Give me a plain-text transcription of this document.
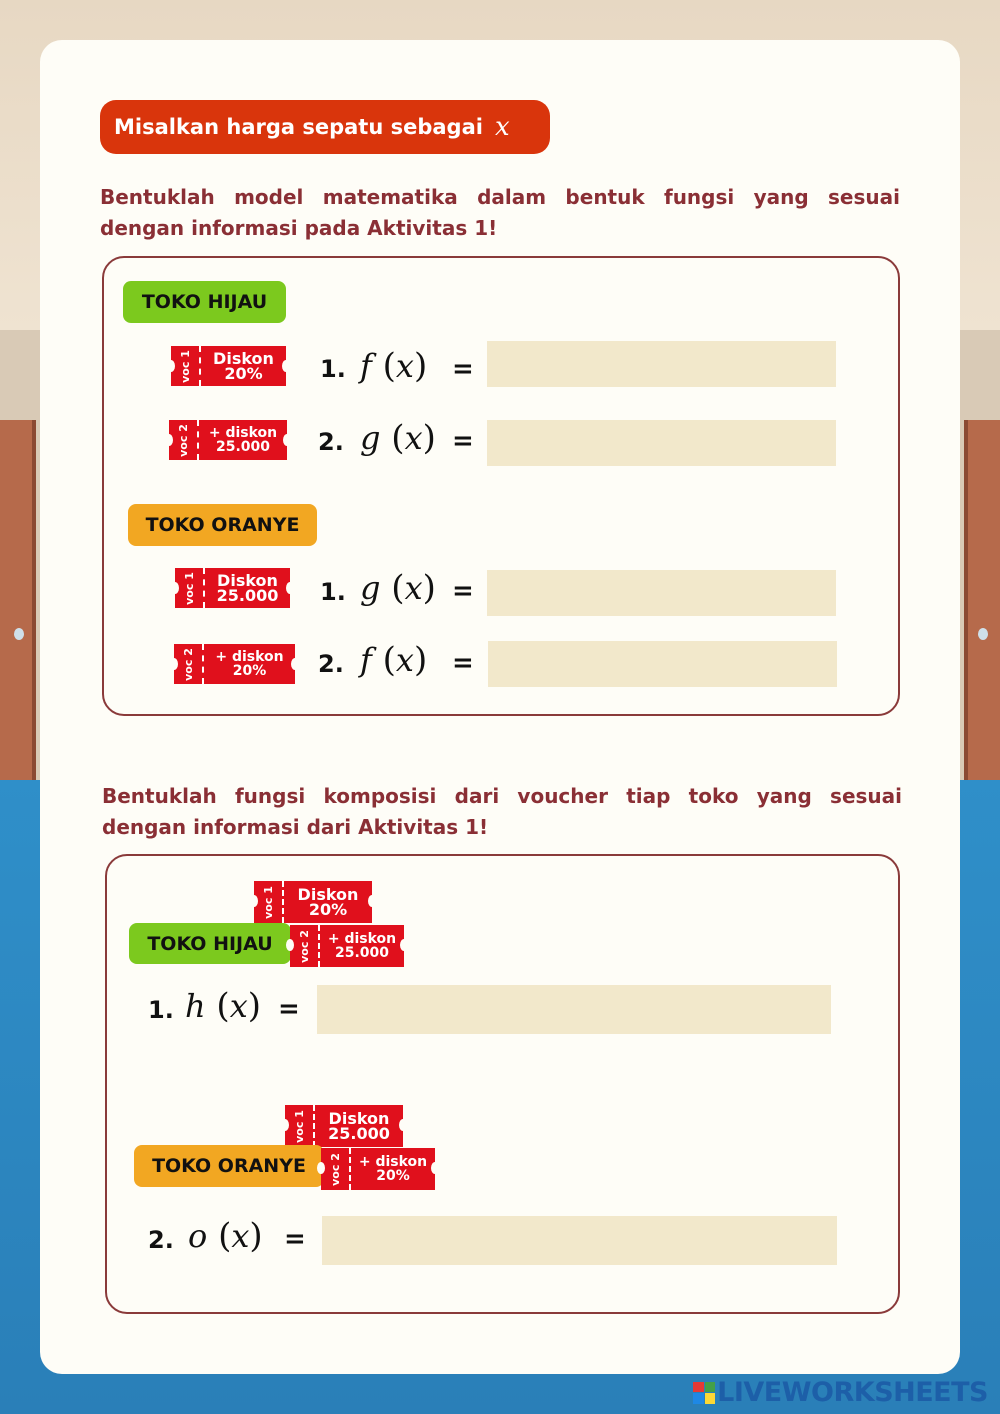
Misalkan harga sepatu sebagai x
Bentuklah model matematika dalam bentuk fungsi yang sesuai dengan informasi pada Aktivitas 1!
TOKO HIJAU
voc 1	Diskon 20%	1. f (x) =
voc 2	+ diskon 25.000	2. g (x) =
TOKO ORANYE
voc 1	Diskon 25.000	1. g (x) =
voc 2	+ diskon 20%	2. f (x) =
Bentuklah fungsi komposisi dari voucher tiap toko yang sesuai dengan informasi dari Aktivitas 1!
voc 1	Diskon 20%
TOKO HIJAU	voc 2	+ diskon 25.000
1. h (x) =
voc 1	Diskon 25.000
TOKO ORANYE	voc 2	+ diskon 20%
2. o (x) =
LIVEWORKSHEETS
